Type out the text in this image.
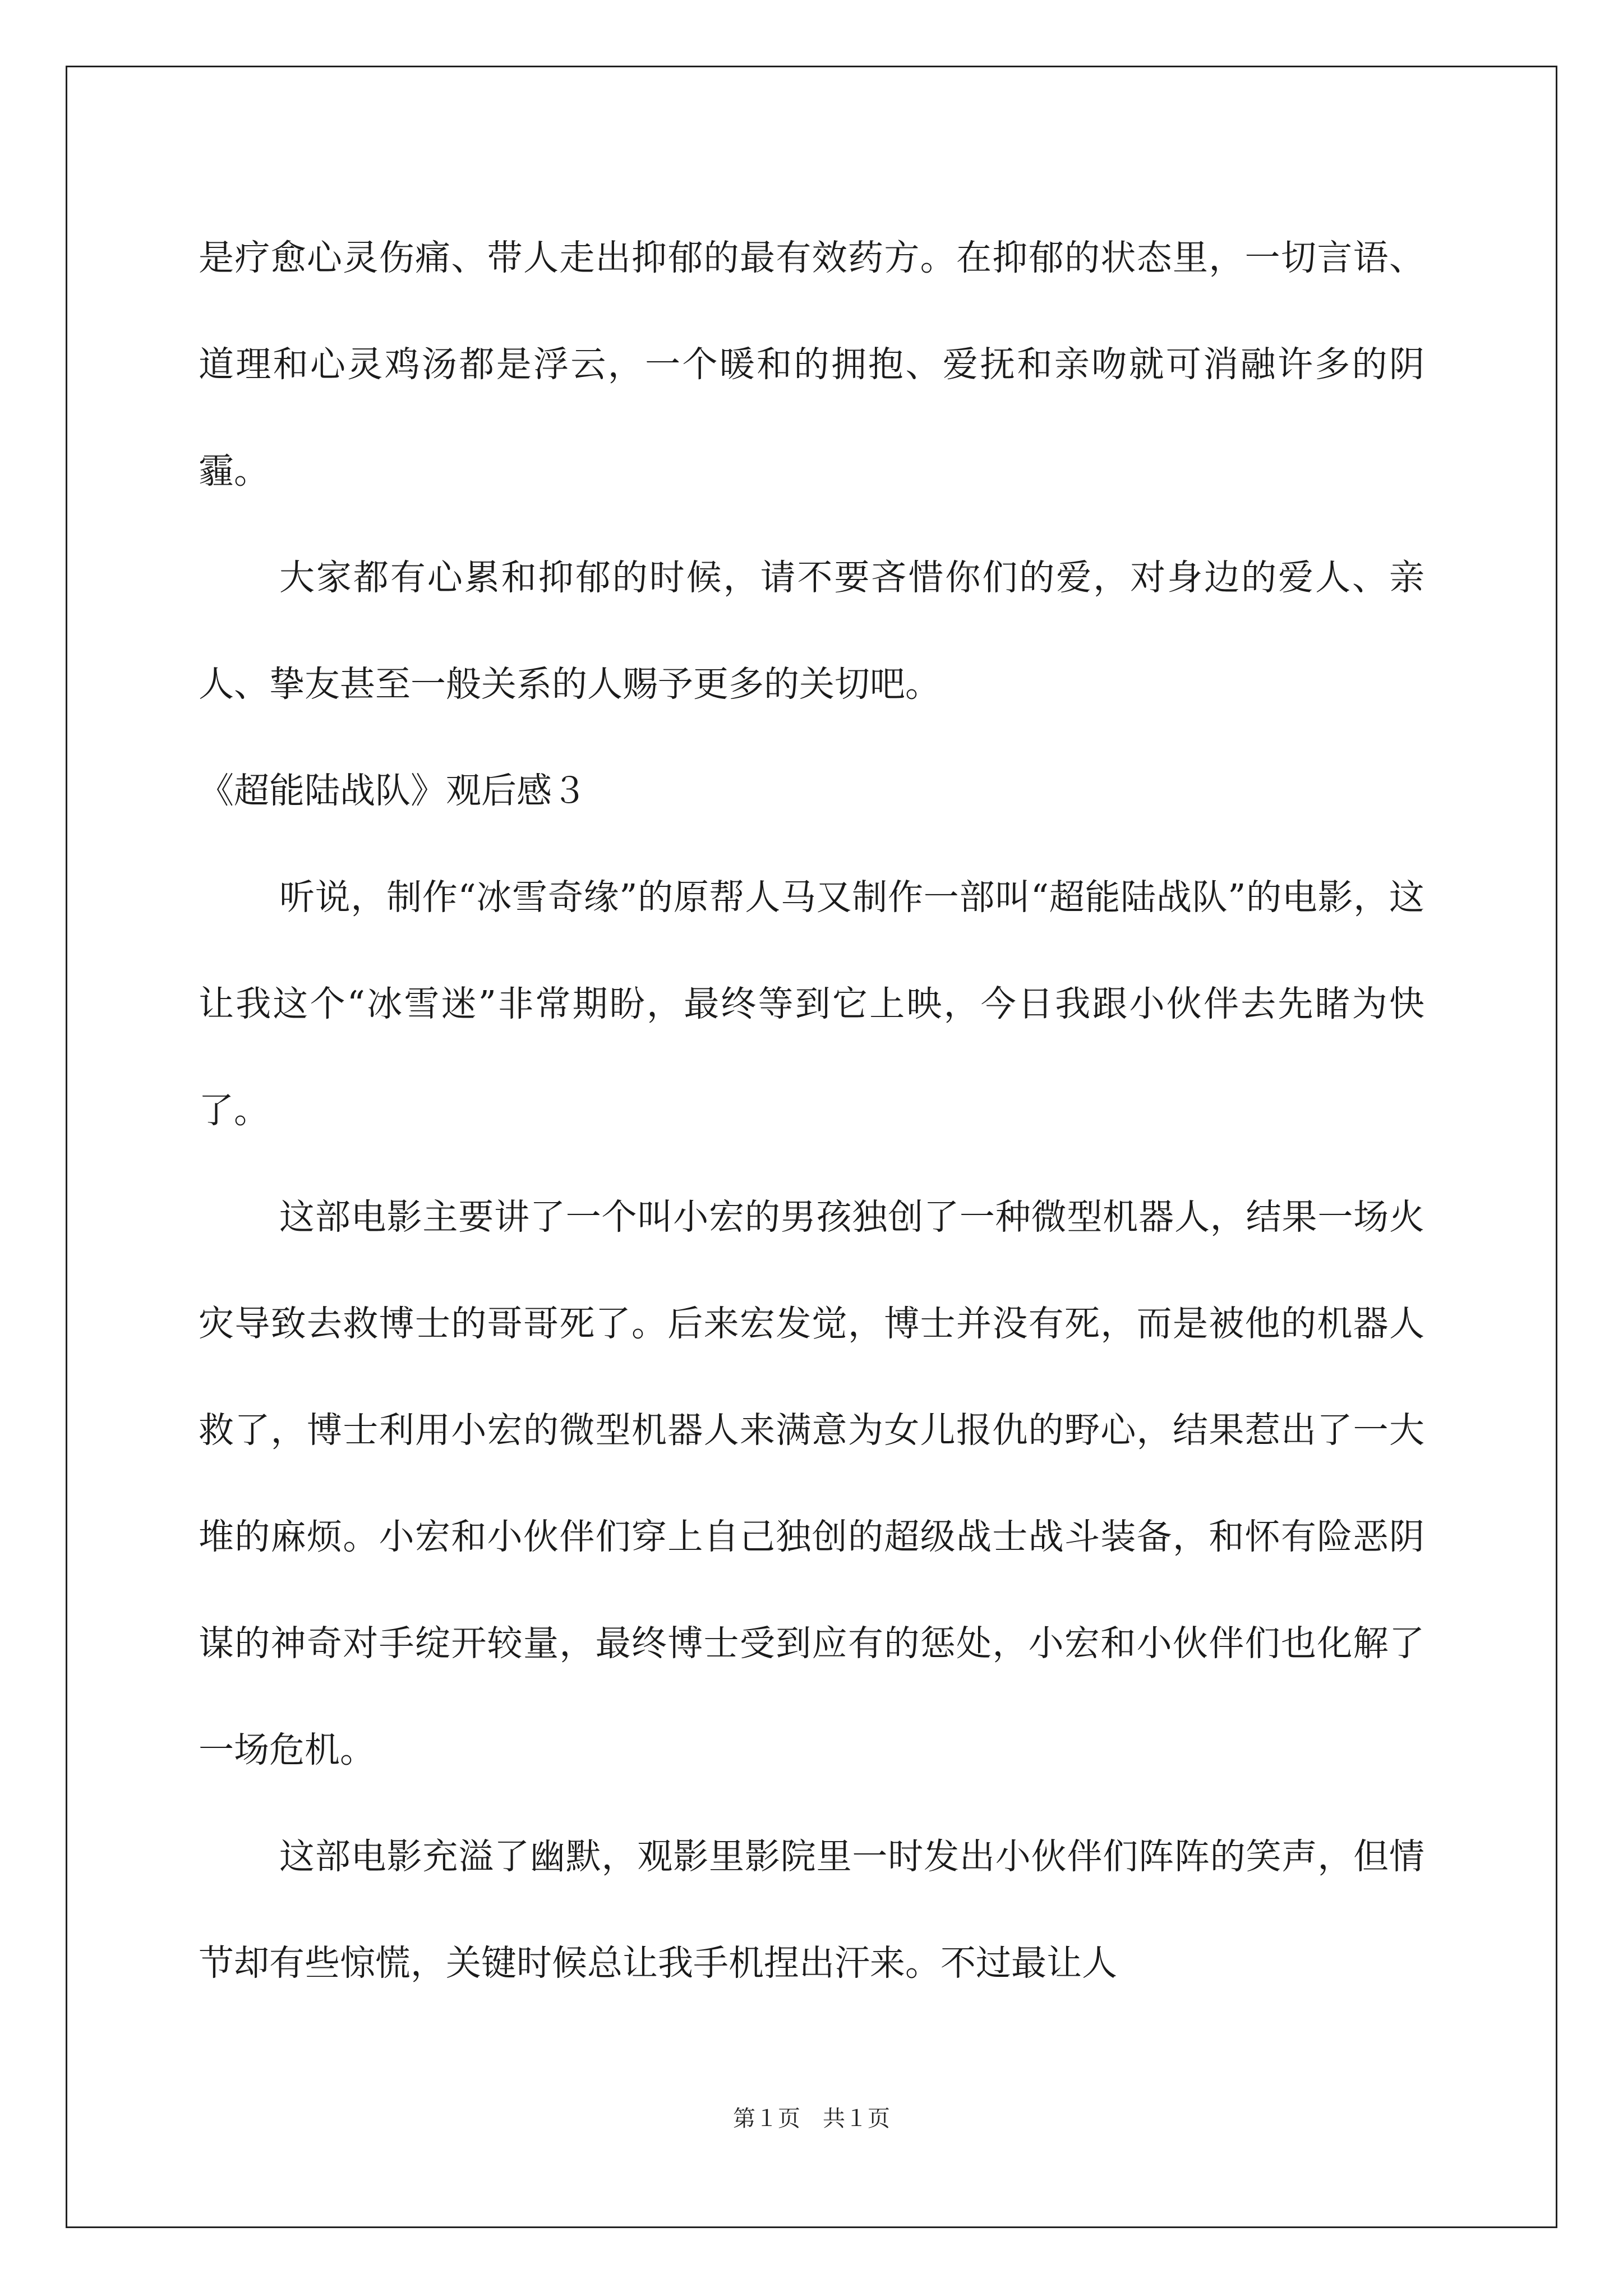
是疗愈心灵伤痛、带人走出抑郁的最有效药方。在抑郁的状态里，一切言语、道理和心灵鸡汤都是浮云，一个暖和的拥抱、爱抚和亲吻就可消融许多的阴霾。

大家都有心累和抑郁的时候，请不要吝惜你们的爱，对身边的爱人、亲人、挚友甚至一般关系的人赐予更多的关切吧。

《超能陆战队》观后感３

听说，制作“冰雪奇缘”的原帮人马又制作一部叫“超能陆战队”的电影，这让我这个“冰雪迷”非常期盼，最终等到它上映，今日我跟小伙伴去先睹为快了。

这部电影主要讲了一个叫小宏的男孩独创了一种微型机器人，结果一场火灾导致去救博士的哥哥死了。后来宏发觉，博士并没有死，而是被他的机器人救了，博士利用小宏的微型机器人来满意为女儿报仇的野心，结果惹出了一大堆的麻烦。小宏和小伙伴们穿上自己独创的超级战士战斗装备，和怀有险恶阴谋的神奇对手绽开较量，最终博士受到应有的惩处，小宏和小伙伴们也化解了一场危机。

这部电影充溢了幽默，观影里影院里一时发出小伙伴们阵阵的笑声，但情节却有些惊慌，关键时候总让我手机捏出汗来。不过最让人

第１页　共１页
